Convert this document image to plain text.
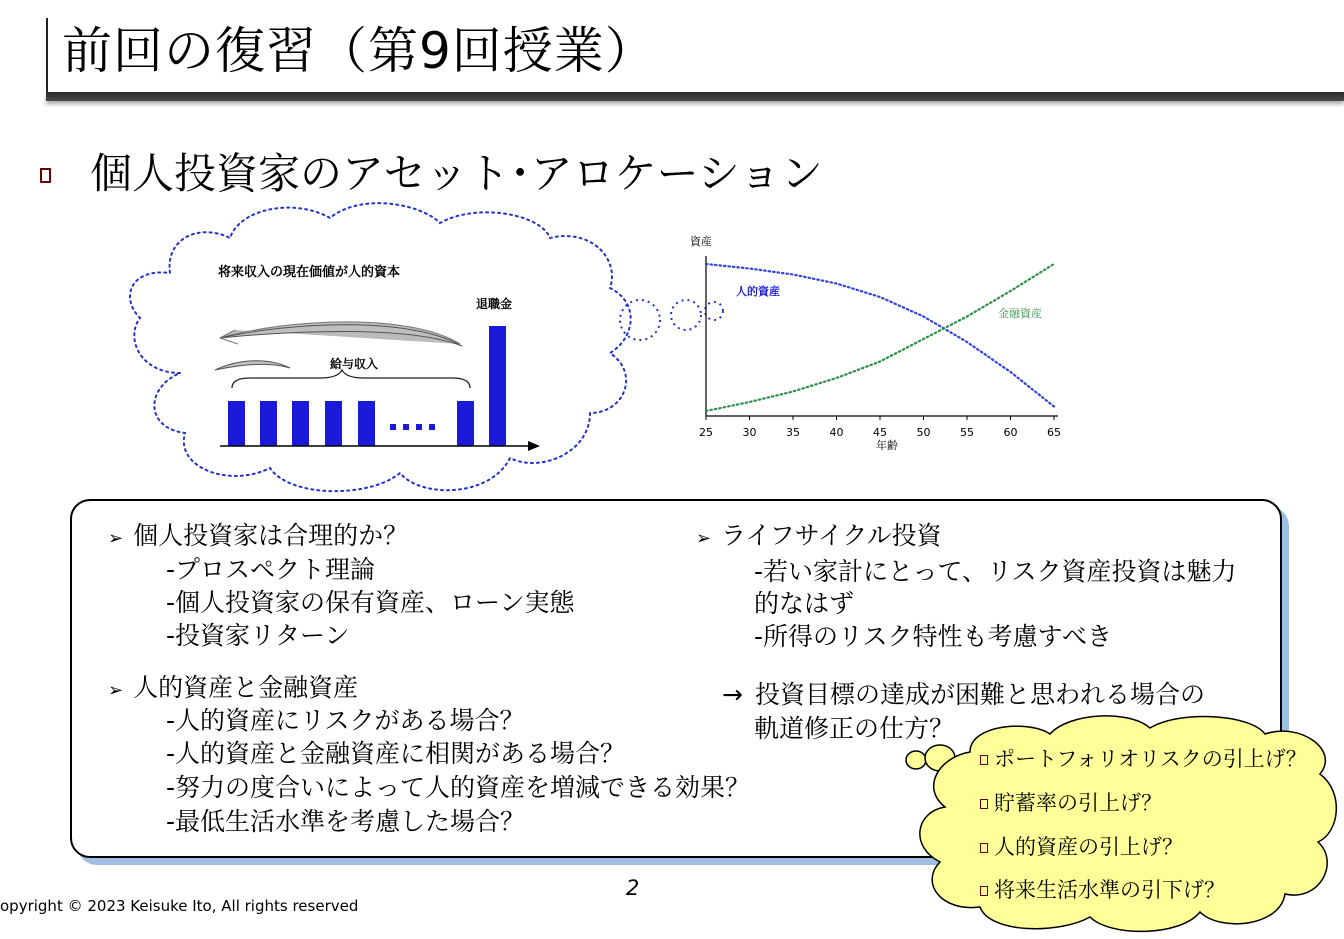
前回の復習（第9回授業）
個人投資家のアセット･アロケーション
将来収入の現在価値が人的資本
退職金
給与収入
資産
25	30	35	40	45	50	55	60	65
人的資産
金融資産
年齢
➢ 個人投資家は合理的か？
-プロスペクト理論
-個人投資家の保有資産、ローン実態
-投資家リターン
➢ 人的資産と金融資産
-人的資産にリスクがある場合？
-人的資産と金融資産に相関がある場合？
-努力の度合いによって人的資産を増減できる効果？
-最低生活水準を考慮した場合？
➢ ライフサイクル投資
-若い家計にとって、リスク資産投資は魅力
的なはず
-所得のリスク特性も考慮すべき
→ 投資目標の達成が困難と思われる場合の
軌道修正の仕方？
ポートフォリオリスクの引上げ？
貯蓄率の引上げ？
人的資産の引上げ？
将来生活水準の引下げ？
2
opyright © 2023 Keisuke Ito, All rights reserved
